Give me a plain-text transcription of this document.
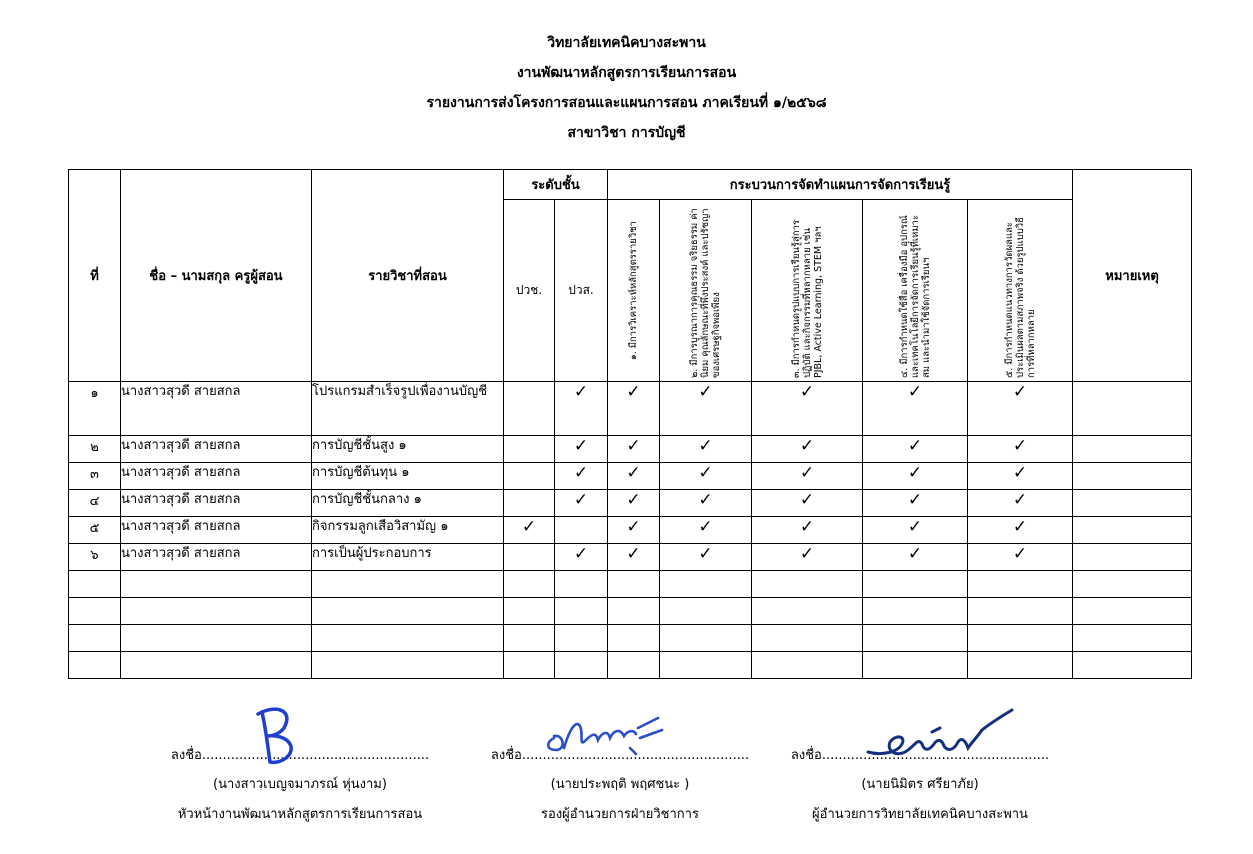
วิทยาลัยเทคนิคบางสะพาน
งานพัฒนาหลักสูตรการเรียนการสอน
รายงานการส่งโครงการสอนและแผนการสอน ภาคเรียนที่ ๑/๒๕๖๘
สาขาวิชา การบัญชี
ที่	ชื่อ – นามสกุล ครูผู้สอน	รายวิชาที่สอน	ระดับชั้น		กระบวนการจัดทำแผนการจัดการเรียนรู้					หมายเหตุ
			ปวช.	ปวส.	๑. มีการวิเคราะห์หลักสูตรรายวิชา	๒. มีการบูรณาการคุณธรรม จริยธรรม ค่านิยม คุณลักษณะที่พึงประสงค์ และปรัชญาของเศรษฐกิจพอเพียง	๓. มีการกำหนดรูปแบบการเรียนรู้สู่การปฏิบัติ และกิจกรรมที่หลากหลาย เช่น PJBL, Active Learning, STEM ฯลฯ	๔. มีการกำหนดใช้สื่อ เครื่องมือ อุปกรณ์ และเทคโนโลยีการจัดการเรียนรู้ที่เหมาะสม และนำมาใช้จัดการเรียนฯ	๕. มีการกำหนดแนวทางการวัดผลและประเมินผลตามสภาพจริง ด้วยรูปแบบวิธีการที่หลากหลาย	

๑	นางสาวสุวดี สายสกล	โปรแกรมสำเร็จรูปเพื่องานบัญชี		✓	✓	✓	✓	✓	✓	
๒	นางสาวสุวดี สายสกล	การบัญชีชั้นสูง ๑		✓	✓	✓	✓	✓	✓	
๓	นางสาวสุวดี สายสกล	การบัญชีต้นทุน ๑		✓	✓	✓	✓	✓	✓	
๔	นางสาวสุวดี สายสกล	การบัญชีชั้นกลาง ๑		✓	✓	✓	✓	✓	✓	
๕	นางสาวสุวดี สายสกล	กิจกรรมลูกเสือวิสามัญ ๑	✓		✓	✓	✓	✓	✓	
๖	นางสาวสุวดี สายสกล	การเป็นผู้ประกอบการ		✓	✓	✓	✓	✓	✓	

ลงชื่อ.......................................................
(นางสาวเบญจมาภรณ์ หุ่นงาม)
หัวหน้างานพัฒนาหลักสูตรการเรียนการสอน
ลงชื่อ.......................................................
(นายประพฤติ พฤศชนะ )
รองผู้อำนวยการฝ่ายวิชาการ
ลงชื่อ.......................................................
(นายนิมิตร ศรียาภัย)
ผู้อำนวยการวิทยาลัยเทคนิคบางสะพาน
